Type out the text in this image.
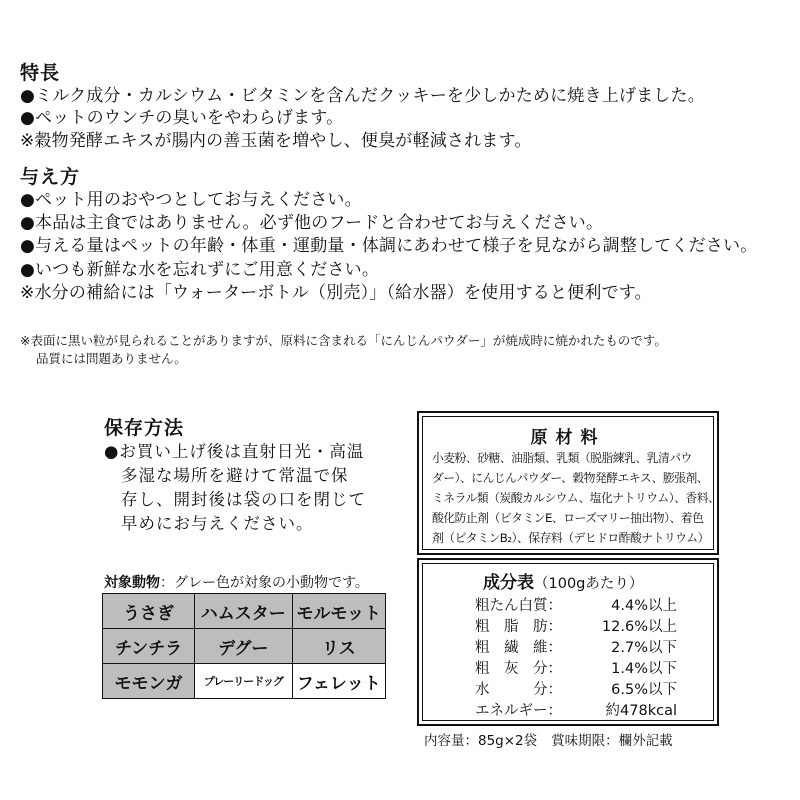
特長
●ミルク成分・カルシウム・ビタミンを含んだクッキーを少しかために焼き上げました。
●ペットのウンチの臭いをやわらげます。
※穀物発酵エキスが腸内の善玉菌を増やし、便臭が軽減されます。
与え方
●ペット用のおやつとしてお与えください。
●本品は主食ではありません。必ず他のフードと合わせてお与えください。
●与える量はペットの年齢・体重・運動量・体調にあわせて様子を見ながら調整してください。
●いつも新鮮な水を忘れずにご用意ください。
※水分の補給には「ウォーターボトル（別売）」（給水器）を使用すると便利です。
※表面に黒い粒が見られることがありますが、原料に含まれる「にんじんパウダー」が焼成時に焼かれたものです。
品質には問題ありません。
保存方法
●お買い上げ後は直射日光・高温
多湿な場所を避けて常温で保
存し、開封後は袋の口を閉じて
早めにお与えください。
対象動物：グレー色が対象の小動物です。
うさぎ	ハムスター	モルモット
チンチラ	デグー	リス
モモンガ	プレーリードッグ	フェレット
原材料
小麦粉、砂糖、油脂類、乳類（脱脂練乳、乳清パウ
ダー）、にんじんパウダー、穀物発酵エキス、膨張剤、
ミネラル類（炭酸カルシウム、塩化ナトリウム）、香料、
酸化防止剤（ビタミンE、ローズマリー抽出物）、着色
剤（ビタミンB₂）、保存料（デヒドロ酢酸ナトリウム）
成分表（100gあたり）
粗たん白質：	4.4%以上
粗　脂　肪：	12.6%以上
粗　繊　維：	2.7%以下
粗　灰　分：	1.4%以下
水　　　分：	6.5%以下
エネルギー：	約478kcal
内容量：85g×2袋 賞味期限：欄外記載
